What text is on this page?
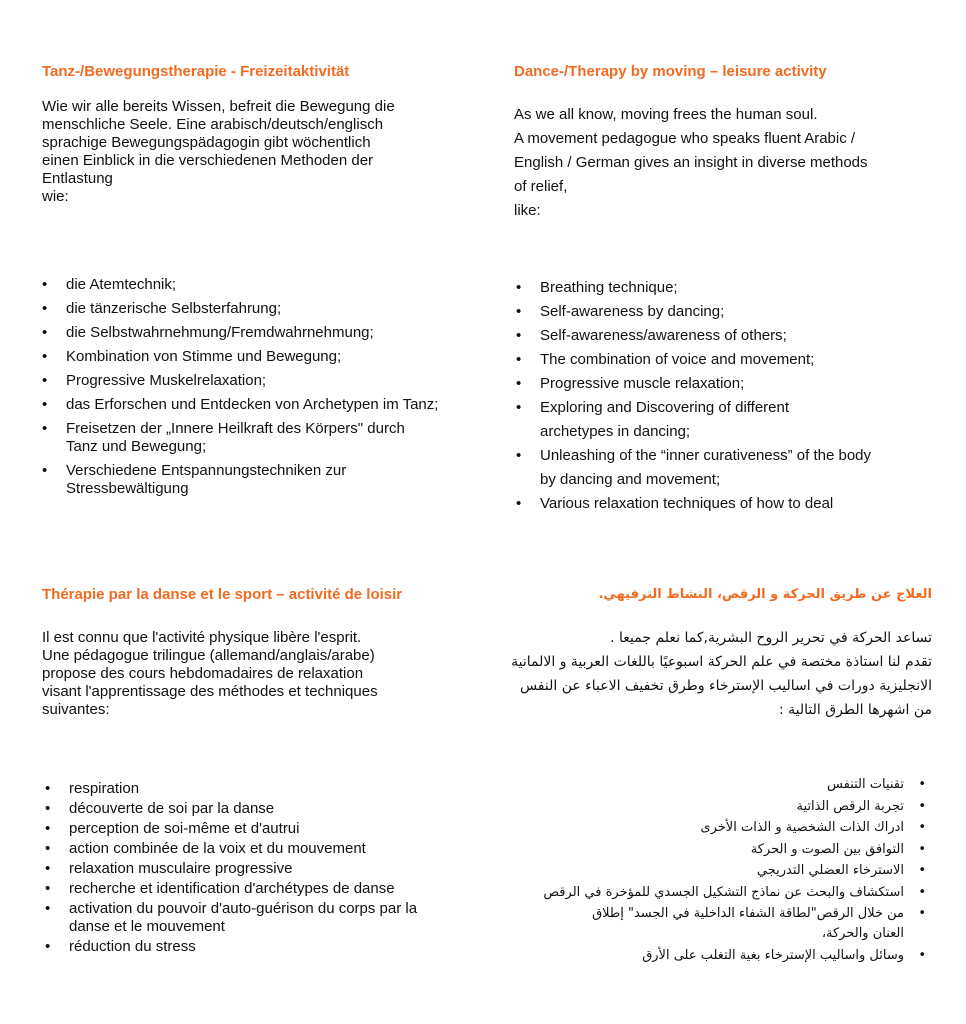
Tanz-/Bewegungstherapie - Freizeitaktivität
Wie wir alle bereits Wissen, befreit die Bewegung die
menschliche Seele. Eine arabisch/deutsch/englisch
sprachige Bewegungspädagogin gibt wöchentlich
einen Einblick in die verschiedenen Methoden der
Entlastung
wie:
• die Atemtechnik;
• die tänzerische Selbsterfahrung;
• die Selbstwahrnehmung/Fremdwahrnehmung;
• Kombination von Stimme und Bewegung;
• Progressive Muskelrelaxation;
• das Erforschen und Entdecken von Archetypen im Tanz;
• Freisetzen der „Innere Heilkraft des Körpers" durch Tanz und Bewegung;
• Verschiedene Entspannungstechniken zur Stressbewältigung
Dance-/Therapy by moving – leisure activity
As we all know, moving frees the human soul.
A movement pedagogue who speaks fluent Arabic /
English / German gives an insight in diverse methods
of relief,
like:
• Breathing technique;
• Self-awareness by dancing;
• Self-awareness/awareness of others;
• The combination of voice and movement;
• Progressive muscle relaxation;
• Exploring and Discovering of different archetypes in dancing;
• Unleashing of the “inner curativeness” of the body by dancing and movement;
• Various relaxation techniques of how to deal
Thérapie par la danse et le sport – activité de loisir
Il est connu que l'activité physique libère l'esprit.
Une pédagogue trilingue (allemand/anglais/arabe)
propose des cours hebdomadaires de relaxation
visant l'apprentissage des méthodes et techniques
suivantes:
• respiration
• découverte de soi par la danse
• perception de soi-même et d'autrui
• action combinée de la voix et du mouvement
• relaxation musculaire progressive
• recherche et identification d'archétypes de danse
• activation du pouvoir d'auto-guérison du corps par la danse et le mouvement
• réduction du stress
العلاج عن طريق الحركة و الرقص، النشاط الترفيهي.
تساعد الحركة في تحرير الروح البشرية,كما نعلم جميعا .
تقدم لنا استاذة مختصة في علم الحركة اسبوعيًا باللغات العربية و الالمانية
الانجليزية دورات في اساليب الإسترخاء وطرق تخفيف الاعباء عن النفس
من اشهرها الطرق التالية :
•
تقنيات التنفس
•
تجربة الرقص الذاتية
•
ادراك الذات الشخصية و الذات الأخرى
•
التوافق بين الصوت و الحركة
•
الاسترخاء العضلي التدريجي
•
استكشاف والبحث عن نماذج التشكيل الجسدي للمؤخرة في الرقص
•
من خلال الرقص"لطاقة الشفاء الداخلية في الجسد" إطلاق العنان والحركة،
•
وسائل واساليب الإسترخاء بغية التغلب على الأرق
